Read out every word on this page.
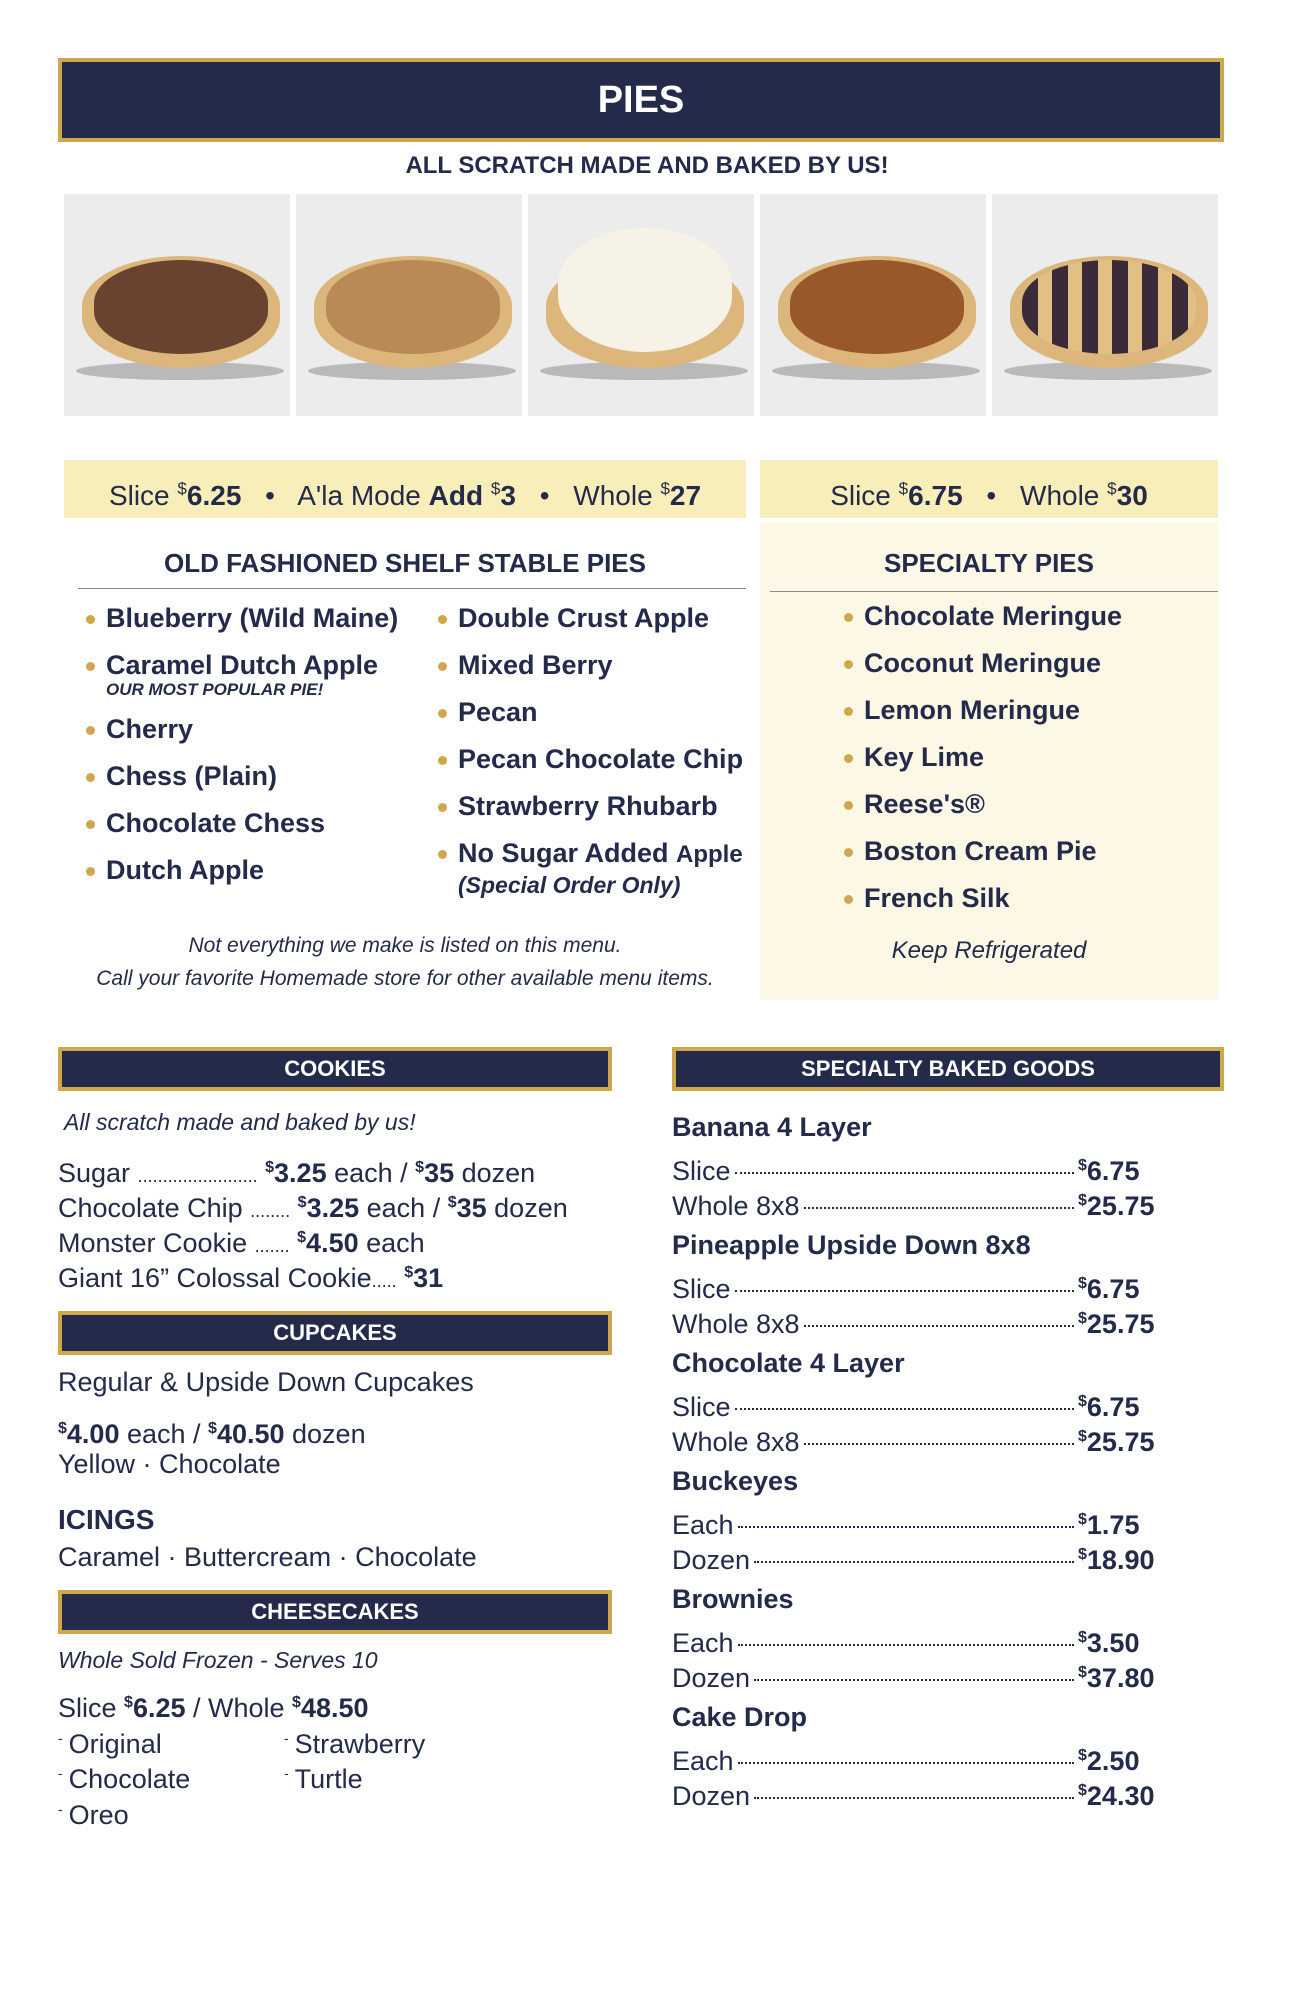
PIES
ALL SCRATCH MADE AND BAKED BY US!
Slice $6.25 • A'la Mode Add $3 • Whole $27	Slice $6.75 • Whole $30
OLD FASHIONED SHELF STABLE PIES
Blueberry (Wild Maine)
Caramel Dutch Apple
OUR MOST POPULAR PIE!
Cherry
Chess (Plain)
Chocolate Chess
Dutch Apple
Double Crust Apple
Mixed Berry
Pecan
Pecan Chocolate Chip
Strawberry Rhubarb
No Sugar Added Apple
(Special Order Only)
Not everything we make is listed on this menu.
Call your favorite Homemade store for other available menu items.
SPECIALTY PIES
Chocolate Meringue
Coconut Meringue
Lemon Meringue
Key Lime
Reese's®
Boston Cream Pie
French Silk
Keep Refrigerated
COOKIES
All scratch made and baked by us!
Sugar ........................ $3.25 each / $35 dozen
Chocolate Chip ........ $3.25 each / $35 dozen
Monster Cookie ....... $4.50 each
Giant 16” Colossal Cookie..... $31
CUPCAKES
Regular & Upside Down Cupcakes
$4.00 each / $40.50 dozen
Yellow · Chocolate
ICINGS
Caramel · Buttercream · Chocolate
CHEESECAKES
Whole Sold Frozen - Serves 10
Slice $6.25 / Whole $48.50
- Original
- Chocolate
- Oreo
- Strawberry
- Turtle
SPECIALTY BAKED GOODS
Banana 4 Layer
Slice	$6.75
Whole 8x8	$25.75
Pineapple Upside Down 8x8
Slice	$6.75
Whole 8x8	$25.75
Chocolate 4 Layer
Slice	$6.75
Whole 8x8	$25.75
Buckeyes
Each	$1.75
Dozen	$18.90
Brownies
Each	$3.50
Dozen	$37.80
Cake Drop
Each	$2.50
Dozen	$24.30
